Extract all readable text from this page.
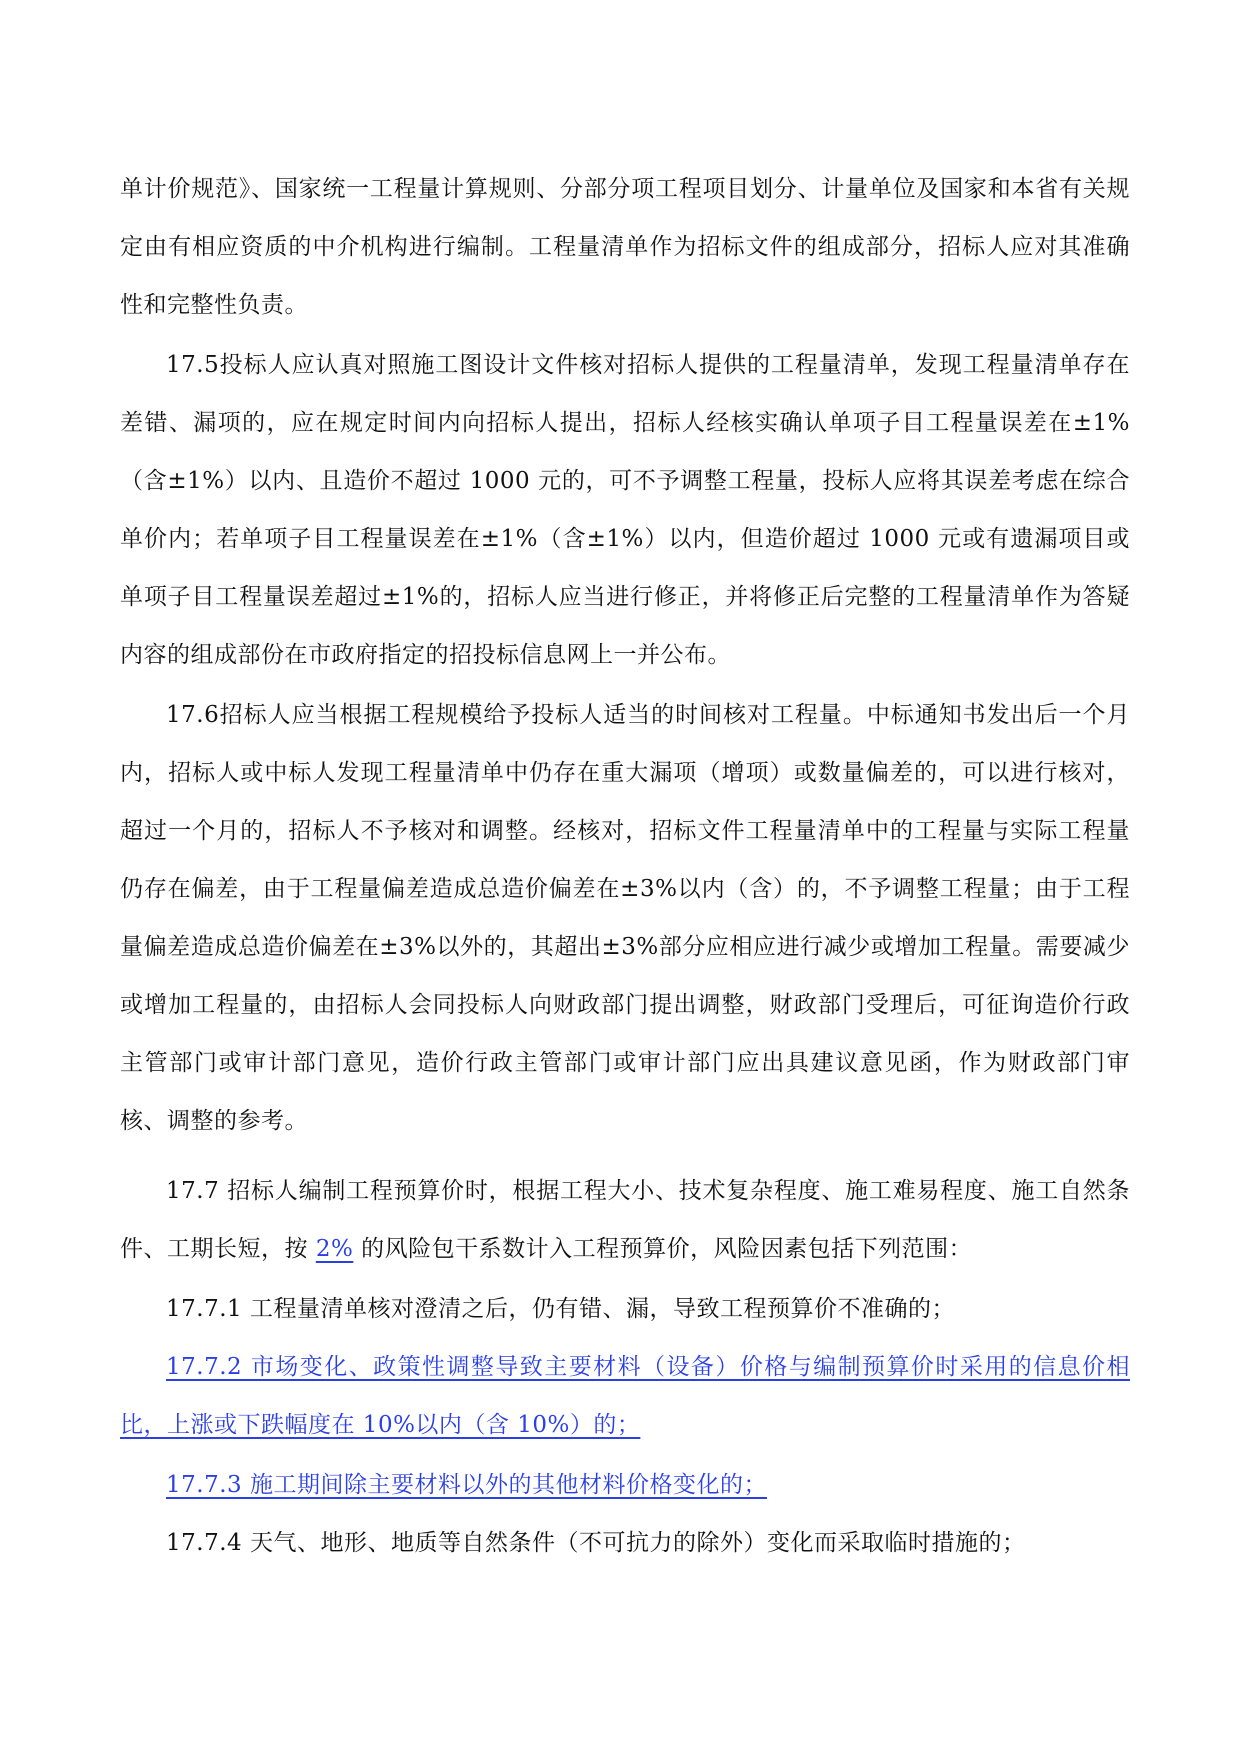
单计价规范》、国家统一工程量计算规则、分部分项工程项目划分、计量单位及国家和本省有关规定由有相应资质的中介机构进行编制。工程量清单作为招标文件的组成部分，招标人应对其准确性和完整性负责。

17.5投标人应认真对照施工图设计文件核对招标人提供的工程量清单，发现工程量清单存在差错、漏项的，应在规定时间内向招标人提出，招标人经核实确认单项子目工程量误差在±1%（含±1%）以内、且造价不超过 1000 元的，可不予调整工程量，投标人应将其误差考虑在综合单价内；若单项子目工程量误差在±1%（含±1%）以内，但造价超过 1000 元或有遗漏项目或单项子目工程量误差超过±1%的，招标人应当进行修正，并将修正后完整的工程量清单作为答疑内容的组成部份在市政府指定的招投标信息网上一并公布。

17.6招标人应当根据工程规模给予投标人适当的时间核对工程量。中标通知书发出后一个月内，招标人或中标人发现工程量清单中仍存在重大漏项（增项）或数量偏差的，可以进行核对，超过一个月的，招标人不予核对和调整。经核对，招标文件工程量清单中的工程量与实际工程量仍存在偏差，由于工程量偏差造成总造价偏差在±3%以内（含）的，不予调整工程量；由于工程量偏差造成总造价偏差在±3%以外的，其超出±3%部分应相应进行减少或增加工程量。需要减少或增加工程量的，由招标人会同投标人向财政部门提出调整，财政部门受理后，可征询造价行政主管部门或审计部门意见，造价行政主管部门或审计部门应出具建议意见函，作为财政部门审核、调整的参考。

17.7 招标人编制工程预算价时，根据工程大小、技术复杂程度、施工难易程度、施工自然条件、工期长短，按 2% 的风险包干系数计入工程预算价，风险因素包括下列范围：

17.7.1 工程量清单核对澄清之后，仍有错、漏，导致工程预算价不准确的；

17.7.2 市场变化、政策性调整导致主要材料（设备）价格与编制预算价时采用的信息价相比，上涨或下跌幅度在 10%以内（含 10%）的；

17.7.3 施工期间除主要材料以外的其他材料价格变化的；

17.7.4 天气、地形、地质等自然条件（不可抗力的除外）变化而采取临时措施的；
